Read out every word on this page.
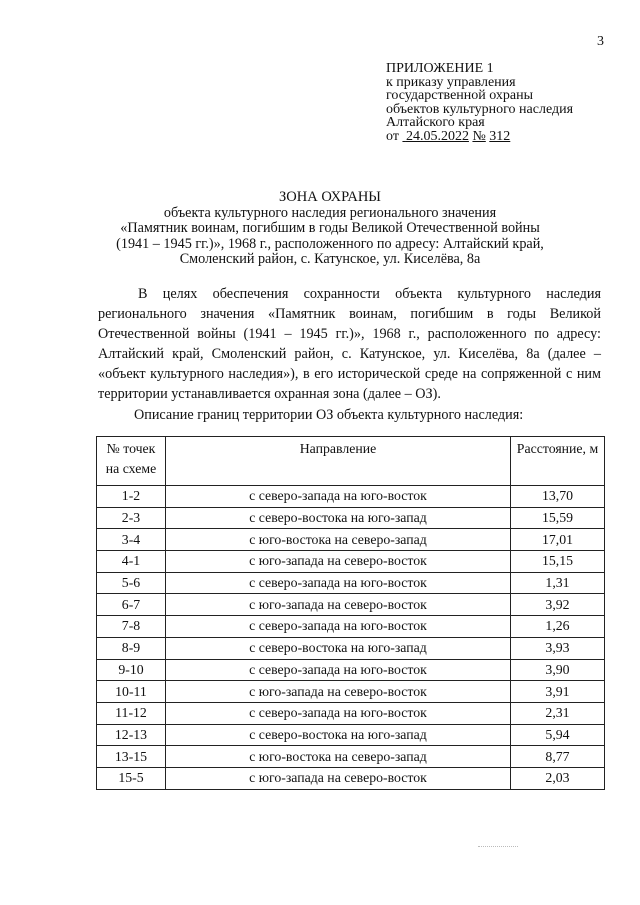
3
ПРИЛОЖЕНИЕ 1
к приказу управления
государственной охраны
объектов культурного наследия
Алтайского края
от 24.05.2022 № 312
ЗОНА ОХРАНЫ
объекта культурного наследия регионального значения
«Памятник воинам, погибшим в годы Великой Отечественной войны
(1941 – 1945 гг.)», 1968 г., расположенного по адресу: Алтайский край,
Смоленский район, с. Катунское, ул. Киселёва, 8а
В целях обеспечения сохранности объекта культурного наследия регионального значения «Памятник воинам, погибшим в годы Великой Отечественной войны (1941 – 1945 гг.)», 1968 г., расположенного по адресу: Алтайский край, Смоленский район, с. Катунское, ул. Киселёва, 8а (далее – «объект культурного наследия»), в его исторической среде на сопряженной с ним территории устанавливается охранная зона (далее – ОЗ).
Описание границ территории ОЗ объекта культурного наследия:
№ точек на схеме	Направление	Расстояние, м
1-2	с северо-запада на юго-восток	13,70
2-3	с северо-востока на юго-запад	15,59
3-4	с юго-востока на северо-запад	17,01
4-1	с юго-запада на северо-восток	15,15
5-6	с северо-запада на юго-восток	1,31
6-7	с юго-запада на северо-восток	3,92
7-8	с северо-запада на юго-восток	1,26
8-9	с северо-востока на юго-запад	3,93
9-10	с северо-запада на юго-восток	3,90
10-11	с юго-запада на северо-восток	3,91
11-12	с северо-запада на юго-восток	2,31
12-13	с северо-востока на юго-запад	5,94
13-15	с юго-востока на северо-запад	8,77
15-5	с юго-запада на северо-восток	2,03
